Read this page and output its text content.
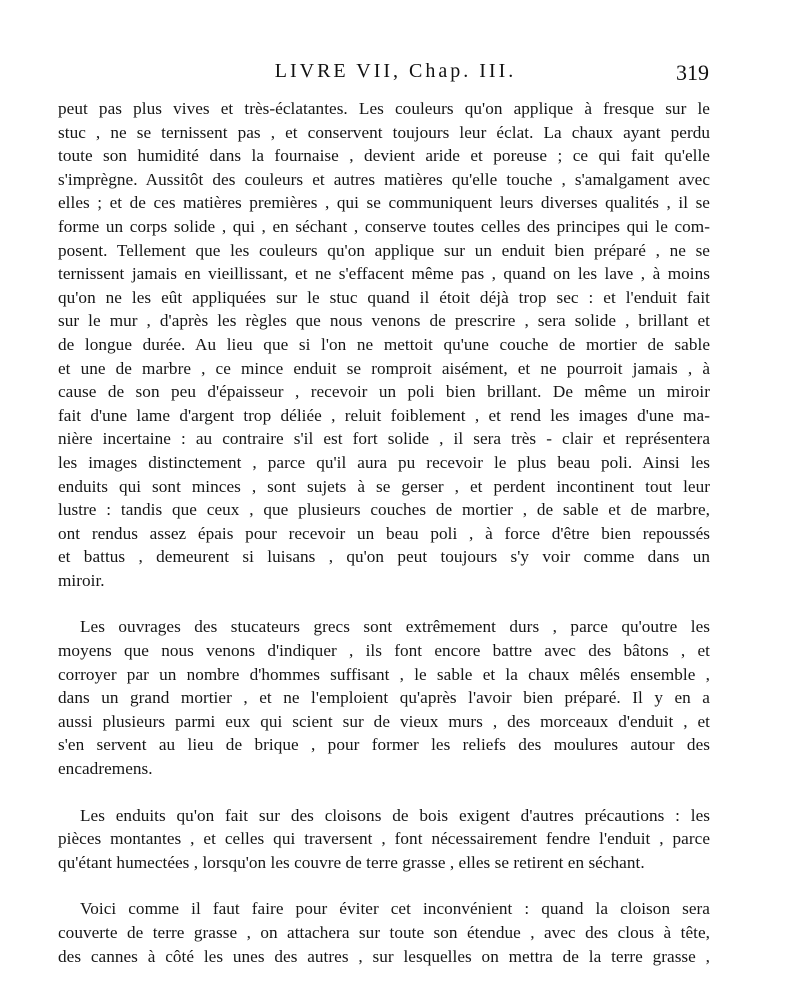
LIVRE VII, Chap. III.	319
peut pas plus vives et très-éclatantes. Les couleurs qu'on applique à fresque sur le
stuc , ne se ternissent pas , et conservent toujours leur éclat. La chaux ayant perdu
toute son humidité dans la fournaise , devient aride et poreuse ; ce qui fait qu'elle
s'imprègne. Aussitôt des couleurs et autres matières qu'elle touche , s'amalgament avec
elles ; et de ces matières premières , qui se communiquent leurs diverses qualités , il se
forme un corps solide , qui , en séchant , conserve toutes celles des principes qui le com-
posent. Tellement que les couleurs qu'on applique sur un enduit bien préparé , ne se
ternissent jamais en vieillissant, et ne s'effacent même pas , quand on les lave , à moins
qu'on ne les eût appliquées sur le stuc quand il étoit déjà trop sec : et l'enduit fait
sur le mur , d'après les règles que nous venons de prescrire , sera solide , brillant et
de longue durée. Au lieu que si l'on ne mettoit qu'une couche de mortier de sable
et une de marbre , ce mince enduit se romproit aisément, et ne pourroit jamais , à
cause de son peu d'épaisseur , recevoir un poli bien brillant. De même un miroir
fait d'une lame d'argent trop déliée , reluit foiblement , et rend les images d'une ma-
nière incertaine : au contraire s'il est fort solide , il sera très - clair et représentera
les images distinctement , parce qu'il aura pu recevoir le plus beau poli. Ainsi les
enduits qui sont minces , sont sujets à se gerser , et perdent incontinent tout leur
lustre : tandis que ceux , que plusieurs couches de mortier , de sable et de marbre,
ont rendus assez épais pour recevoir un beau poli , à force d'être bien repoussés
et battus , demeurent si luisans , qu'on peut toujours s'y voir comme dans un
miroir.
Les ouvrages des stucateurs grecs sont extrêmement durs , parce qu'outre les
moyens que nous venons d'indiquer , ils font encore battre avec des bâtons , et
corroyer par un nombre d'hommes suffisant , le sable et la chaux mêlés ensemble ,
dans un grand mortier , et ne l'emploient qu'après l'avoir bien préparé. Il y en a
aussi plusieurs parmi eux qui scient sur de vieux murs , des morceaux d'enduit , et
s'en servent au lieu de brique , pour former les reliefs des moulures autour des
encadremens.
Les enduits qu'on fait sur des cloisons de bois exigent d'autres précautions : les
pièces montantes , et celles qui traversent , font nécessairement fendre l'enduit , parce
qu'étant humectées , lorsqu'on les couvre de terre grasse , elles se retirent en séchant.
Voici comme il faut faire pour éviter cet inconvénient : quand la cloison sera
couverte de terre grasse , on attachera sur toute son étendue , avec des clous à tête,
des cannes à côté les unes des autres , sur lesquelles on mettra de la terre grasse ,
